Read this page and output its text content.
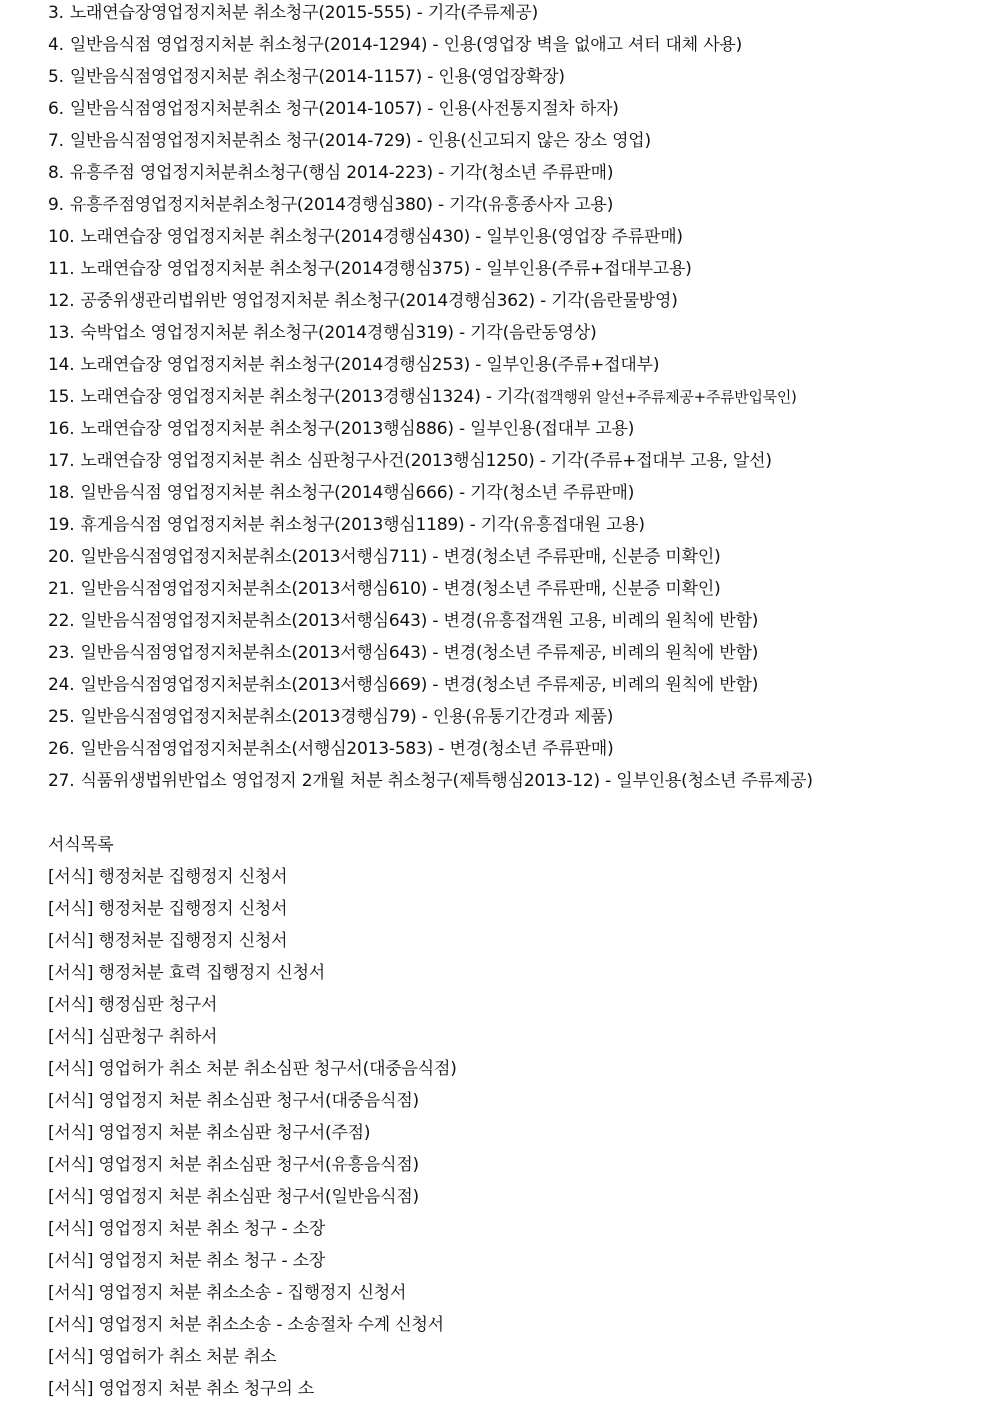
3. 노래연습장영업정지처분 취소청구(2015-555) - 기각(주류제공)
4. 일반음식점 영업정지처분 취소청구(2014-1294) - 인용(영업장 벽을 없애고 셔터 대체 사용)
5. 일반음식점영업정지처분 취소청구(2014-1157) - 인용(영업장확장)
6. 일반음식점영업정지처분취소 청구(2014-1057) - 인용(사전통지절차 하자)
7. 일반음식점영업정지처분취소 청구(2014-729) - 인용(신고되지 않은 장소 영업)
8. 유흥주점 영업정지처분취소청구(행심 2014-223) - 기각(청소년 주류판매)
9. 유흥주점영업정지처분취소청구(2014경행심380) - 기각(유흥종사자 고용)
10. 노래연습장 영업정지처분 취소청구(2014경행심430) - 일부인용(영업장 주류판매)
11. 노래연습장 영업정지처분 취소청구(2014경행심375) - 일부인용(주류+접대부고용)
12. 공중위생관리법위반 영업정지처분 취소청구(2014경행심362) - 기각(음란물방영)
13. 숙박업소 영업정지처분 취소청구(2014경행심319) - 기각(음란동영상)
14. 노래연습장 영업정지처분 취소청구(2014경행심253) - 일부인용(주류+접대부)
15. 노래연습장 영업정지처분 취소청구(2013경행심1324) - 기각(접객행위 알선+주류제공+주류반입묵인)
16. 노래연습장 영업정지처분 취소청구(2013행심886) - 일부인용(접대부 고용)
17. 노래연습장 영업정지처분 취소 심판청구사건(2013행심1250) - 기각(주류+접대부 고용, 알선)
18. 일반음식점 영업정지처분 취소청구(2014행심666) - 기각(청소년 주류판매)
19. 휴게음식점 영업정지처분 취소청구(2013행심1189) - 기각(유흥접대원 고용)
20. 일반음식점영업정지처분취소(2013서행심711) - 변경(청소년 주류판매, 신분증 미확인)
21. 일반음식점영업정지처분취소(2013서행심610) - 변경(청소년 주류판매, 신분증 미확인)
22. 일반음식점영업정지처분취소(2013서행심643) - 변경(유흥접객원 고용, 비례의 원칙에 반함)
23. 일반음식점영업정지처분취소(2013서행심643) - 변경(청소년 주류제공, 비례의 원칙에 반함)
24. 일반음식점영업정지처분취소(2013서행심669) - 변경(청소년 주류제공, 비례의 원칙에 반함)
25. 일반음식점영업정지처분취소(2013경행심79) - 인용(유통기간경과 제품)
26. 일반음식점영업정지처분취소(서행심2013-583) - 변경(청소년 주류판매)
27. 식품위생법위반업소 영업정지 2개월 처분 취소청구(제특행심2013-12) - 일부인용(청소년 주류제공)
서식목록
[서식] 행정처분 집행정지 신청서
[서식] 행정처분 집행정지 신청서
[서식] 행정처분 집행정지 신청서
[서식] 행정처분 효력 집행정지 신청서
[서식] 행정심판 청구서
[서식] 심판청구 취하서
[서식] 영업허가 취소 처분 취소심판 청구서(대중음식점)
[서식] 영업정지 처분 취소심판 청구서(대중음식점)
[서식] 영업정지 처분 취소심판 청구서(주점)
[서식] 영업정지 처분 취소심판 청구서(유흥음식점)
[서식] 영업정지 처분 취소심판 청구서(일반음식점)
[서식] 영업정지 처분 취소 청구 - 소장
[서식] 영업정지 처분 취소 청구 - 소장
[서식] 영업정지 처분 취소소송 - 집행정지 신청서
[서식] 영업정지 처분 취소소송 - 소송절차 수계 신청서
[서식] 영업허가 취소 처분 취소
[서식] 영업정지 처분 취소 청구의 소
